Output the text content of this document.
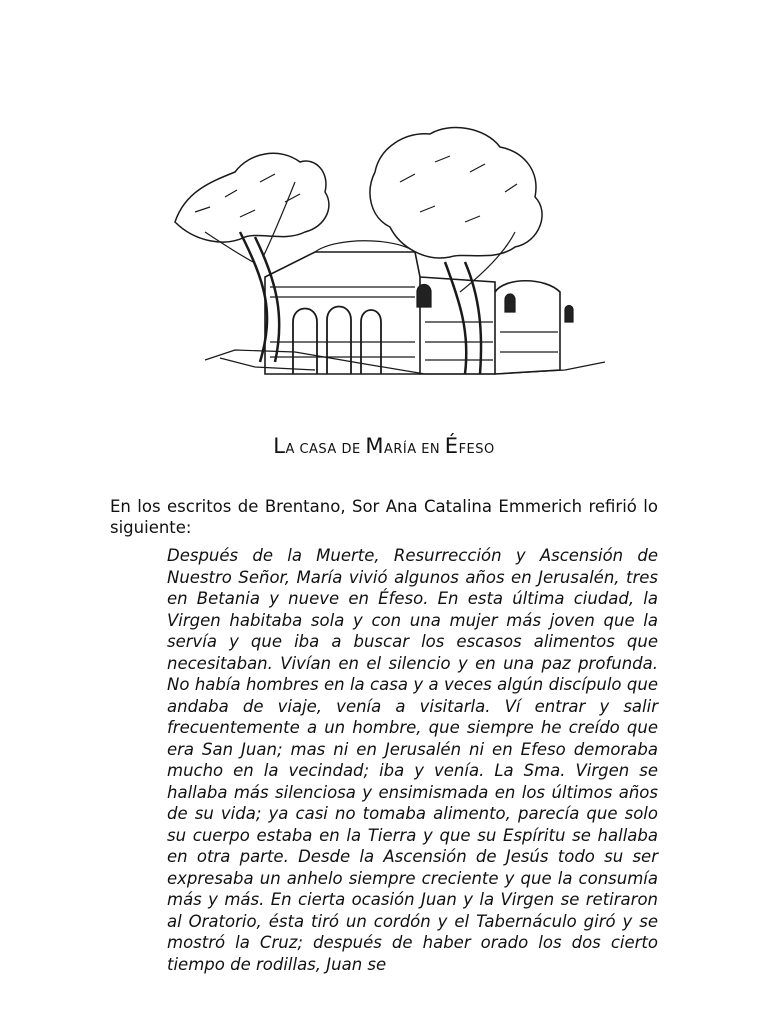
LA CASA DE MARÍA EN ÉFESO

En los escritos de Brentano, Sor Ana Catalina Emmerich refirió lo siguiente:

Después de la Muerte, Resurrección y Ascensión de Nuestro Señor, María vivió algunos años en Jerusalén, tres en Betania y nueve en Éfeso. En esta última ciudad, la Virgen habitaba sola y con una mujer más joven que la servía y que iba a buscar los escasos alimentos que necesitaban. Vivían en el silencio y en una paz profunda. No había hombres en la casa y a veces algún discípulo que andaba de viaje, venía a visitarla. Ví entrar y salir frecuentemente a un hombre, que siempre he creído que era San Juan; mas ni en Jerusalén ni en Efeso demoraba mucho en la vecindad; iba y venía. La Sma. Virgen se hallaba más silenciosa y ensimismada en los últimos años de su vida; ya casi no tomaba alimento, parecía que solo su cuerpo estaba en la Tierra y que su Espíritu se hallaba en otra parte. Desde la Ascensión de Jesús todo su ser expresaba un anhelo siempre creciente y que la consumía más y más. En cierta ocasión Juan y la Virgen se retiraron al Oratorio, ésta tiró un cordón y el Tabernáculo giró y se mostró la Cruz; después de haber orado los dos cierto tiempo de rodillas, Juan se
